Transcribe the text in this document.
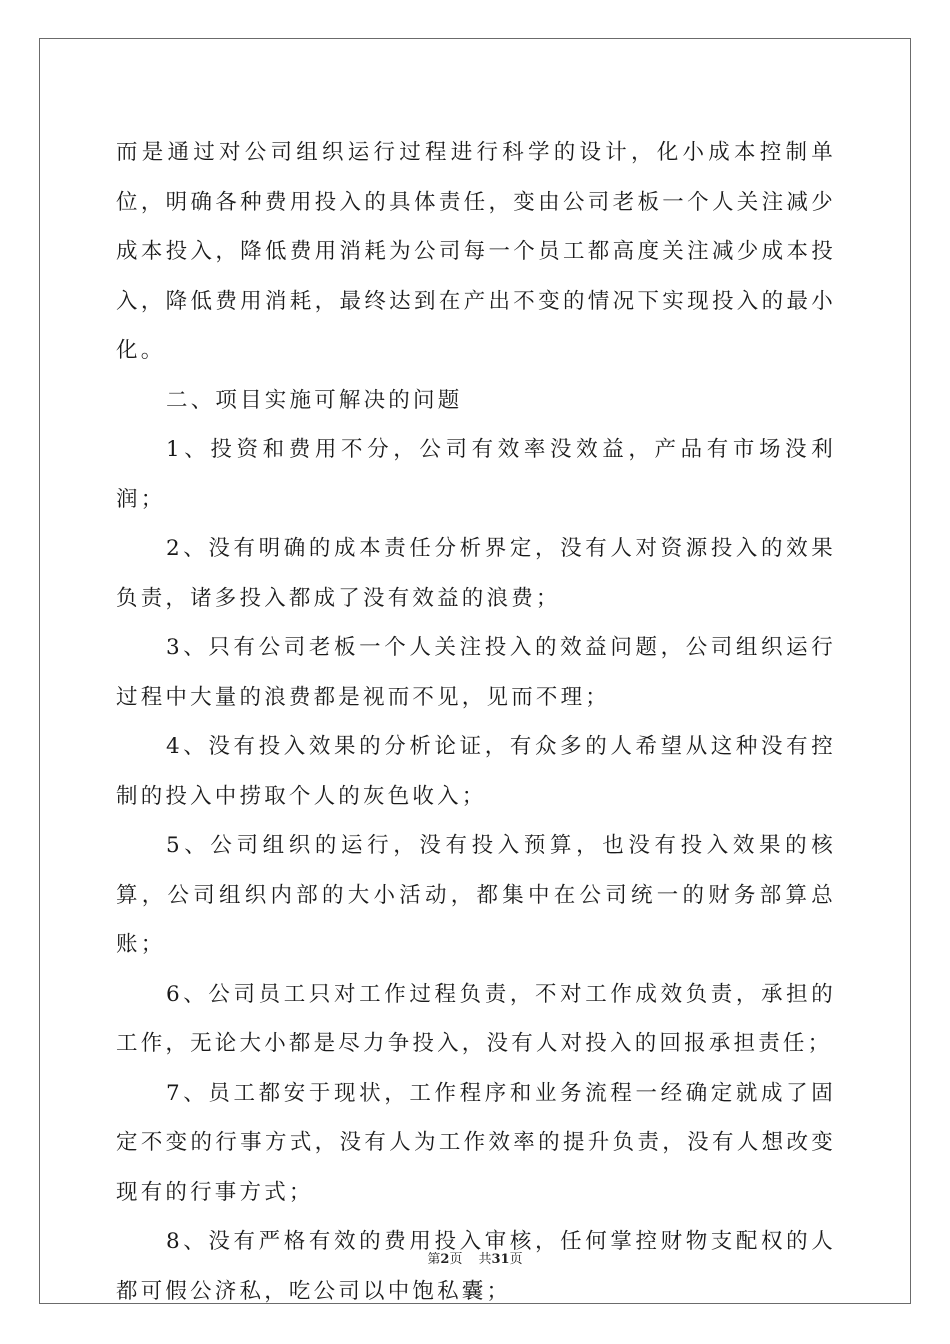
而是通过对公司组织运行过程进行科学的设计，化小成本控制单位，明确各种费用投入的具体责任，变由公司老板一个人关注减少成本投入，降低费用消耗为公司每一个员工都高度关注减少成本投入，降低费用消耗，最终达到在产出不变的情况下实现投入的最小化。

二、项目实施可解决的问题

1、投资和费用不分，公司有效率没效益，产品有市场没利润；

2、没有明确的成本责任分析界定，没有人对资源投入的效果负责，诸多投入都成了没有效益的浪费；

3、只有公司老板一个人关注投入的效益问题，公司组织运行过程中大量的浪费都是视而不见，见而不理；

4、没有投入效果的分析论证，有众多的人希望从这种没有控制的投入中捞取个人的灰色收入；

5、公司组织的运行，没有投入预算，也没有投入效果的核算，公司组织内部的大小活动，都集中在公司统一的财务部算总账；

6、公司员工只对工作过程负责，不对工作成效负责，承担的工作，无论大小都是尽力争投入，没有人对投入的回报承担责任；

7、员工都安于现状，工作程序和业务流程一经确定就成了固定不变的行事方式，没有人为工作效率的提升负责，没有人想改变现有的行事方式；

8、没有严格有效的费用投入审核，任何掌控财物支配权的人都可假公济私，吃公司以中饱私囊；

第2页 共31页
